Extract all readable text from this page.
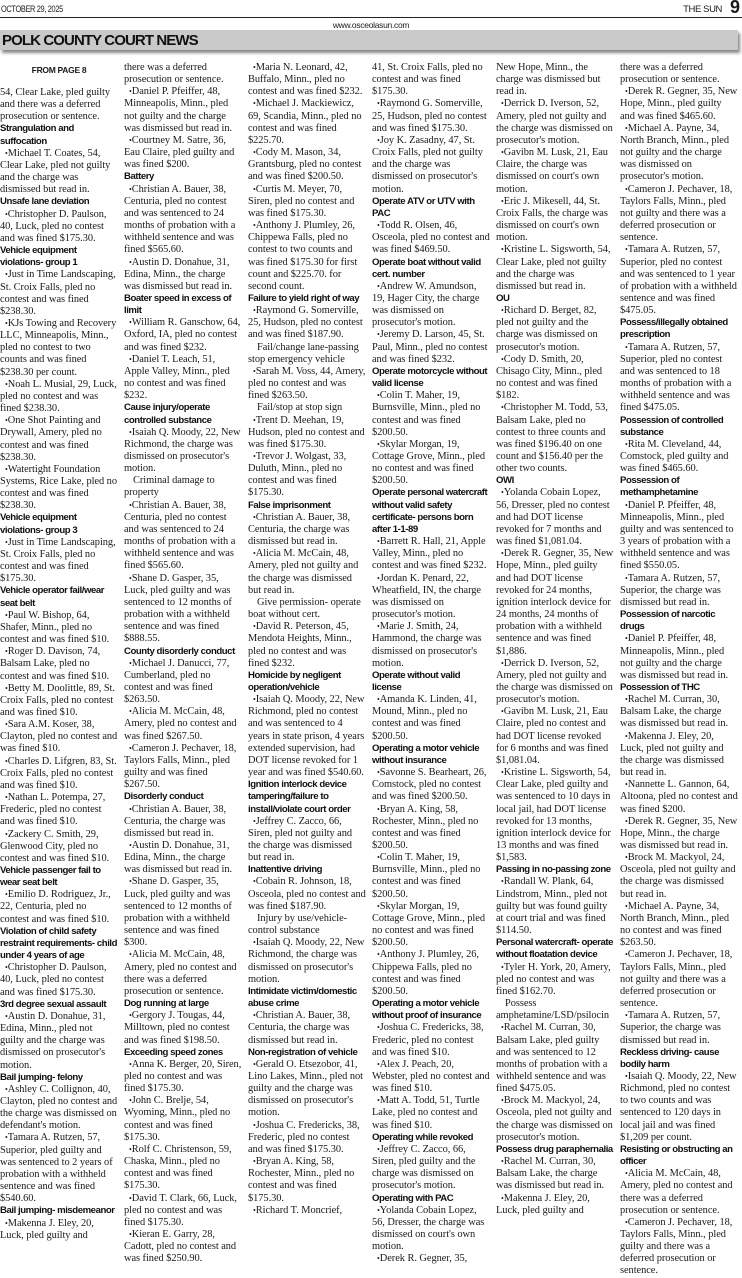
OCTOBER 29, 2025	THE SUN 9
www.osceolasun.com
POLK COUNTY COURT NEWS
FROM PAGE 8
54, Clear Lake, pled guilty and there was a deferred prosecution or sentence.
Strangulation and suffocation
• Michael T. Coates, 54, Clear Lake, pled not guilty and the charge was dismissed but read in.
Unsafe lane deviation
• Christopher D. Paulson, 40, Luck, pled no contest and was fined $175.30.
Vehicle equipment violations- group 1
• Just in Time Landscaping, St. Croix Falls, pled no contest and was fined $238.30.
• KJs Towing and Recovery LLC, Minneapolis, Minn., pled no contest to two counts and was fined $238.30 per count.
• Noah L. Musial, 29, Luck, pled no contest and was fined $238.30.
• One Shot Painting and Drywall, Amery, pled no contest and was fined $238.30.
• Watertight Foundation Systems, Rice Lake, pled no contest and was fined $238.30.
Vehicle equipment violations- group 3
• Just in Time Landscaping, St. Croix Falls, pled no contest and was fined $175.30.
Vehicle operator fail/wear seat belt
• Paul W. Bishop, 64, Shafer, Minn., pled no contest and was fined $10.
• Roger D. Davison, 74, Balsam Lake, pled no contest and was fined $10.
• Betty M. Doolittle, 89, St. Croix Falls, pled no contest and was fined $10.
• Sara A.M. Koser, 38, Clayton, pled no contest and was fined $10.
• Charles D. Lifgren, 83, St. Croix Falls, pled no contest and was fined $10.
• Nathan L. Potempa, 27, Frederic, pled no contest and was fined $10.
• Zackery C. Smith, 29, Glenwood City, pled no contest and was fined $10.
Vehicle passenger fail to wear seat belt
• Emilio D. Rodriguez, Jr., 22, Centuria, pled no contest and was fined $10.
Violation of child safety restraint requirements- child under 4 years of age
• Christopher D. Paulson, 40, Luck, pled no contest and was fined $175.30.
3rd degree sexual assault
• Austin D. Donahue, 31, Edina, Minn., pled not guilty and the charge was dismissed on prosecutor's motion.
Bail jumping- felony
• Ashley C. Collignon, 40, Clayton, pled no contest and the charge was dismissed on defendant's motion.
• Tamara A. Rutzen, 57, Superior, pled guilty and was sentenced to 2 years of probation with a withheld sentence and was fined $540.60.
Bail jumping- misdemeanor
• Makenna J. Eley, 20, Luck, pled guilty and
there was a deferred prosecution or sentence.
• Daniel P. Pfeiffer, 48, Minneapolis, Minn., pled not guilty and the charge was dismissed but read in.
• Courtney M. Satre, 36, Eau Claire, pled guilty and was fined $200.
Battery
• Christian A. Bauer, 38, Centuria, pled no contest and was sentenced to 24 months of probation with a withheld sentence and was fined $565.60.
• Austin D. Donahue, 31, Edina, Minn., the charge was dismissed but read in.
Boater speed in excess of limit
• William R. Ganschow, 64, Oxford, IA, pled no contest and was fined $232.
• Daniel T. Leach, 51, Apple Valley, Minn., pled no contest and was fined $232.
Cause injury/operate controlled substance
• Isaiah Q. Moody, 22, New Richmond, the charge was dismissed on prosecutor's motion.
Criminal damage to property
• Christian A. Bauer, 38, Centuria, pled no contest and was sentenced to 24 months of probation with a withheld sentence and was fined $565.60.
• Shane D. Gasper, 35, Luck, pled guilty and was sentenced to 12 months of probation with a withheld sentence and was fined $888.55.
County disorderly conduct
• Michael J. Danucci, 77, Cumberland, pled no contest and was fined $263.50.
• Alicia M. McCain, 48, Amery, pled no contest and was fined $267.50.
• Cameron J. Pechaver, 18, Taylors Falls, Minn., pled guilty and was fined $267.50.
Disorderly conduct
• Christian A. Bauer, 38, Centuria, the charge was dismissed but read in.
• Austin D. Donahue, 31, Edina, Minn., the charge was dismissed but read in.
• Shane D. Gasper, 35, Luck, pled guilty and was sentenced to 12 months of probation with a withheld sentence and was fined $300.
• Alicia M. McCain, 48, Amery, pled no contest and there was a deferred prosecution or sentence.
Dog running at large
• Gergory J. Tougas, 44, Milltown, pled no contest and was fined $198.50.
Exceeding speed zones
• Anna K. Berger, 20, Siren, pled no contest and was fined $175.30.
• John C. Brelje, 54, Wyoming, Minn., pled no contest and was fined $175.30.
• Rolf C. Christenson, 59, Chaska, Minn., pled no contest and was fined $175.30.
• David T. Clark, 66, Luck, pled no contest and was fined $175.30.
• Kieran E. Garry, 28, Cadott, pled no contest and was fined $250.90.
• Maria N. Leonard, 42, Buffalo, Minn., pled no contest and was fined $232.
• Michael J. Mackiewicz, 69, Scandia, Minn., pled no contest and was fined $225.70.
• Cody M. Mason, 34, Grantsburg, pled no contest and was fined $200.50.
• Curtis M. Meyer, 70, Siren, pled no contest and was fined $175.30.
• Anthony J. Plumley, 26, Chippewa Falls, pled no contest to two counts and was fined $175.30 for first count and $225.70. for second count.
Failure to yield right of way
• Raymond G. Somerville, 25, Hudson, pled no contest and was fined $187.90.
Fail/change lane-passing stop emergency vehicle
• Sarah M. Voss, 44, Amery, pled no contest and was fined $263.50.
Fail/stop at stop sign
• Trent D. Meehan, 19, Hudson, pled no contest and was fined $175.30.
• Trevor J. Wolgast, 33, Duluth, Minn., pled no contest and was fined $175.30.
False imprisonment
• Christian A. Bauer, 38, Centuria, the charge was dismissed but read in.
• Alicia M. McCain, 48, Amery, pled not guilty and the charge was dismissed but read in.
Give permission- operate boat without cert.
• David R. Peterson, 45, Mendota Heights, Minn., pled no contest and was fined $232.
Homicide by negligent operation/vehicle
• Isaiah Q. Moody, 22, New Richmond, pled no contest and was sentenced to 4 years in state prison, 4 years extended supervision, had DOT license revoked for 1 year and was fined $540.60.
Ignition interlock device tampering/failure to install/violate court order
• Jeffrey C. Zacco, 66, Siren, pled not guilty and the charge was dismissed but read in.
Inattentive driving
• Cobain R. Johnson, 18, Osceola, pled no contest and was fined $187.90.
Injury by use/vehicle-control substance
• Isaiah Q. Moody, 22, New Richmond, the charge was dismissed on prosecutor's motion.
Intimidate victim/domestic abuse crime
• Christian A. Bauer, 38, Centuria, the charge was dismissed but read in.
Non-registration of vehicle
• Gerald O. Etsezobor, 41, Lino Lakes, Minn., pled not guilty and the charge was dismissed on prosecutor's motion.
• Joshua C. Fredericks, 38, Frederic, pled no contest and was fined $175.30.
• Bryan A. King, 58, Rochester, Minn., pled no contest and was fined $175.30.
• Richard T. Moncrief,
41, St. Croix Falls, pled no contest and was fined $175.30.
• Raymond G. Somerville, 25, Hudson, pled no contest and was fined $175.30.
• Joy K. Zasadny, 47, St. Croix Falls, pled not guilty and the charge was dismissed on prosecutor's motion.
Operate ATV or UTV with PAC
• Todd R. Olsen, 46, Osceola, pled no contest and was fined $469.50.
Operate boat without valid cert. number
• Andrew W. Amundson, 19, Hager City, the charge was dismissed on prosecutor's motion.
• Jeremy D. Larson, 45, St. Paul, Minn., pled no contest and was fined $232.
Operate motorcycle without valid license
• Colin T. Maher, 19, Burnsville, Minn., pled no contest and was fined $200.50.
• Skylar Morgan, 19, Cottage Grove, Minn., pled no contest and was fined $200.50.
Operate personal watercraft without valid safety certificate- persons born after 1-1-89
• Barrett R. Hall, 21, Apple Valley, Minn., pled no contest and was fined $232.
• Jordan K. Penard, 22, Wheatfield, IN, the charge was dismissed on prosecutor's motion.
• Marie J. Smith, 24, Hammond, the charge was dismissed on prosecutor's motion.
Operate without valid license
• Amanda K. Linden, 41, Mound, Minn., pled no contest and was fined $200.50.
Operating a motor vehicle without insurance
• Savonne S. Bearheart, 26, Comstock, pled no contest and was fined $200.50.
• Bryan A. King, 58, Rochester, Minn., pled no contest and was fined $200.50.
• Colin T. Maher, 19, Burnsville, Minn., pled no contest and was fined $200.50.
• Skylar Morgan, 19, Cottage Grove, Minn., pled no contest and was fined $200.50.
• Anthony J. Plumley, 26, Chippewa Falls, pled no contest and was fined $200.50.
Operating a motor vehicle without proof of insurance
• Joshua C. Fredericks, 38, Frederic, pled no contest and was fined $10.
• Alex J. Peach, 20, Webster, pled no contest and was fined $10.
• Matt A. Todd, 51, Turtle Lake, pled no contest and was fined $10.
Operating while revoked
• Jeffrey C. Zacco, 66, Siren, pled guilty and the charge was dismissed on prosecutor's motion.
Operating with PAC
• Yolanda Cobain Lopez, 56, Dresser, the charge was dismissed on court's own motion.
• Derek R. Gegner, 35,
New Hope, Minn., the charge was dismissed but read in.
• Derrick D. Iverson, 52, Amery, pled not guilty and the charge was dismissed on prosecutor's motion.
• Gavibn M. Lusk, 21, Eau Claire, the charge was dismissed on court's own motion.
• Eric J. Mikesell, 44, St. Croix Falls, the charge was dismissed on court's own motion.
• Kristine L. Sigsworth, 54, Clear Lake, pled not guilty and the charge was dismissed but read in.
OU
• Richard D. Berget, 82, pled not guilty and the charge was dismissed on prosecutor's motion.
• Cody D. Smith, 20, Chisago City, Minn., pled no contest and was fined $182.
• Christopher M. Todd, 53, Balsam Lake, pled no contest to three counts and was fined $196.40 on one count and $156.40 per the other two counts.
OWI
• Yolanda Cobain Lopez, 56, Dresser, pled no contest and had DOT license revoked for 7 months and was fined $1,081.04.
• Derek R. Gegner, 35, New Hope, Minn., pled guilty and had DOT license revoked for 24 months, ignition interlock device for 24 months, 24 months of probation with a withheld sentence and was fined $1,886.
• Derrick D. Iverson, 52, Amery, pled not guilty and the charge was dismissed on prosecutor's motion.
• Gavibn M. Lusk, 21, Eau Claire, pled no contest and had DOT license revoked for 6 months and was fined $1,081.04.
• Kristine L. Sigsworth, 54, Clear Lake, pled guilty and was sentenced to 10 days in local jail, had DOT license revoked for 13 months, ignition interlock device for 13 months and was fined $1,583.
Passing in no-passing zone
• Randall W. Plank, 64, Lindstrom, Minn., pled not guilty but was found guilty at court trial and was fined $114.50.
Personal watercraft- operate without floatation device
• Tyler H. York, 20, Amery, pled no contest and was fined $162.70.
Possess amphetamine/LSD/psilocin
• Rachel M. Curran, 30, Balsam Lake, pled guilty and was sentenced to 12 months of probation with a withheld sentence and was fined $475.05.
• Brock M. Mackyol, 24, Osceola, pled not guilty and the charge was dismissed on prosecutor's motion.
Possess drug paraphernalia
• Rachel M. Curran, 30, Balsam Lake, the charge was dismissed but read in.
• Makenna J. Eley, 20, Luck, pled guilty and
there was a deferred prosecution or sentence.
• Derek R. Gegner, 35, New Hope, Minn., pled guilty and was fined $465.60.
• Michael A. Payne, 34, North Branch, Minn., pled not guilty and the charge was dismissed on prosecutor's motion.
• Cameron J. Pechaver, 18, Taylors Falls, Minn., pled not guilty and there was a deferred prosecution or sentence.
• Tamara A. Rutzen, 57, Superior, pled no contest and was sentenced to 1 year of probation with a withheld sentence and was fined $475.05.
Possess/illegally obtained prescription
• Tamara A. Rutzen, 57, Superior, pled no contest and was sentenced to 18 months of probation with a withheld sentence and was fined $475.05.
Possession of controlled substance
• Rita M. Cleveland, 44, Comstock, pled guilty and was fined $465.60.
Possession of methamphetamine
• Daniel P. Pfeiffer, 48, Minneapolis, Minn., pled guilty and was sentenced to 3 years of probation with a withheld sentence and was fined $550.05.
• Tamara A. Rutzen, 57, Superior, the charge was dismissed but read in.
Possession of narcotic drugs
• Daniel P. Pfeiffer, 48, Minneapolis, Minn., pled not guilty and the charge was dismissed but read in.
Possession of THC
• Rachel M. Curran, 30, Balsam Lake, the charge was dismissed but read in.
• Makenna J. Eley, 20, Luck, pled not guilty and the charge was dismissed but read in.
• Nannette L. Gannon, 64, Altoona, pled no contest and was fined $200.
• Derek R. Gegner, 35, New Hope, Minn., the charge was dismissed but read in.
• Brock M. Mackyol, 24, Osceola, pled not guilty and the charge was dismissed but read in.
• Michael A. Payne, 34, North Branch, Minn., pled no contest and was fined $263.50.
• Cameron J. Pechaver, 18, Taylors Falls, Minn., pled not guilty and there was a deferred prosecution or sentence.
• Tamara A. Rutzen, 57, Superior, the charge was dismissed but read in.
Reckless driving- cause bodily harm
• Isaiah Q. Moody, 22, New Richmond, pled no contest to two counts and was sentenced to 120 days in local jail and was fined $1,209 per count.
Resisting or obstructing an officer
• Alicia M. McCain, 48, Amery, pled no contest and there was a deferred prosecution or sentence.
• Cameron J. Pechaver, 18, Taylors Falls, Minn., pled guilty and there was a deferred prosecution or sentence.
